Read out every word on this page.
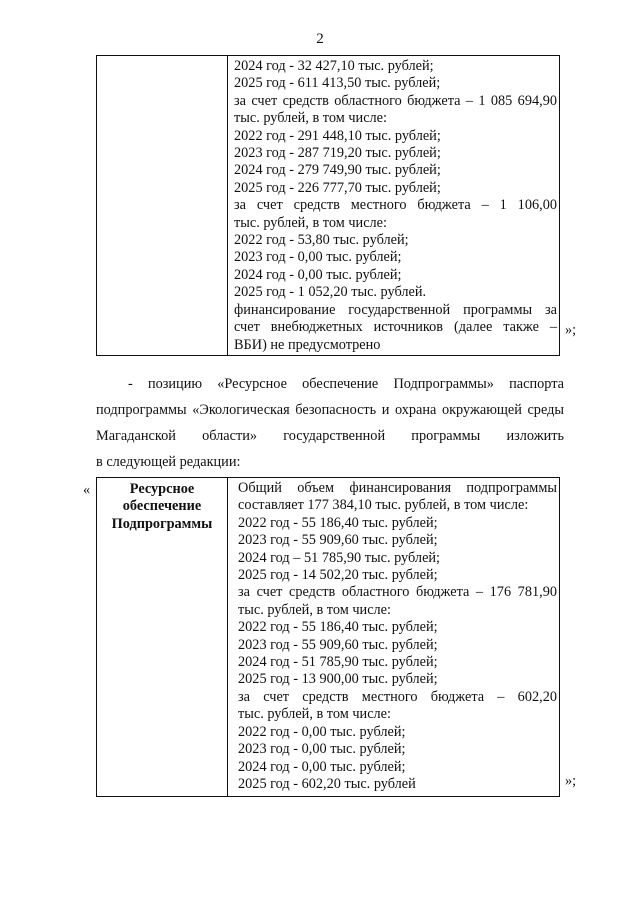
2

2024 год - 32 427,10 тыс. рублей;
2025 год - 611 413,50 тыс. рублей;
за счет средств областного бюджета – 1 085 694,90
тыс. рублей, в том числе:
2022 год - 291 448,10 тыс. рублей;
2023 год - 287 719,20 тыс. рублей;
2024 год - 279 749,90 тыс. рублей;
2025 год - 226 777,70 тыс. рублей;
за счет средств местного бюджета – 1 106,00
тыс. рублей, в том числе:
2022 год - 53,80 тыс. рублей;
2023 год - 0,00 тыс. рублей;
2024 год - 0,00 тыс. рублей;
2025 год - 1 052,20 тыс. рублей.
финансирование государственной программы за
счет внебюджетных источников (далее также –
ВБИ) не предусмотрено
»;
- позицию «Ресурсное обеспечение Подпрограммы» паспорта
подпрограммы «Экологическая безопасность и охрана окружающей среды
Магаданской области» государственной программы изложить
в следующей редакции:
«	Ресурсное
обеспечение
Подпрограммы

Общий объем финансирования подпрограммы
составляет 177 384,10 тыс. рублей, в том числе:
2022 год - 55 186,40 тыс. рублей;
2023 год - 55 909,60 тыс. рублей;
2024 год – 51 785,90 тыс. рублей;
2025 год - 14 502,20 тыс. рублей;
за счет средств областного бюджета – 176 781,90
тыс. рублей, в том числе:
2022 год - 55 186,40 тыс. рублей;
2023 год - 55 909,60 тыс. рублей;
2024 год - 51 785,90 тыс. рублей;
2025 год - 13 900,00 тыс. рублей;
за счет средств местного бюджета – 602,20
тыс. рублей, в том числе:
2022 год - 0,00 тыс. рублей;
2023 год - 0,00 тыс. рублей;
2024 год - 0,00 тыс. рублей;
2025 год - 602,20 тыс. рублей	»;
